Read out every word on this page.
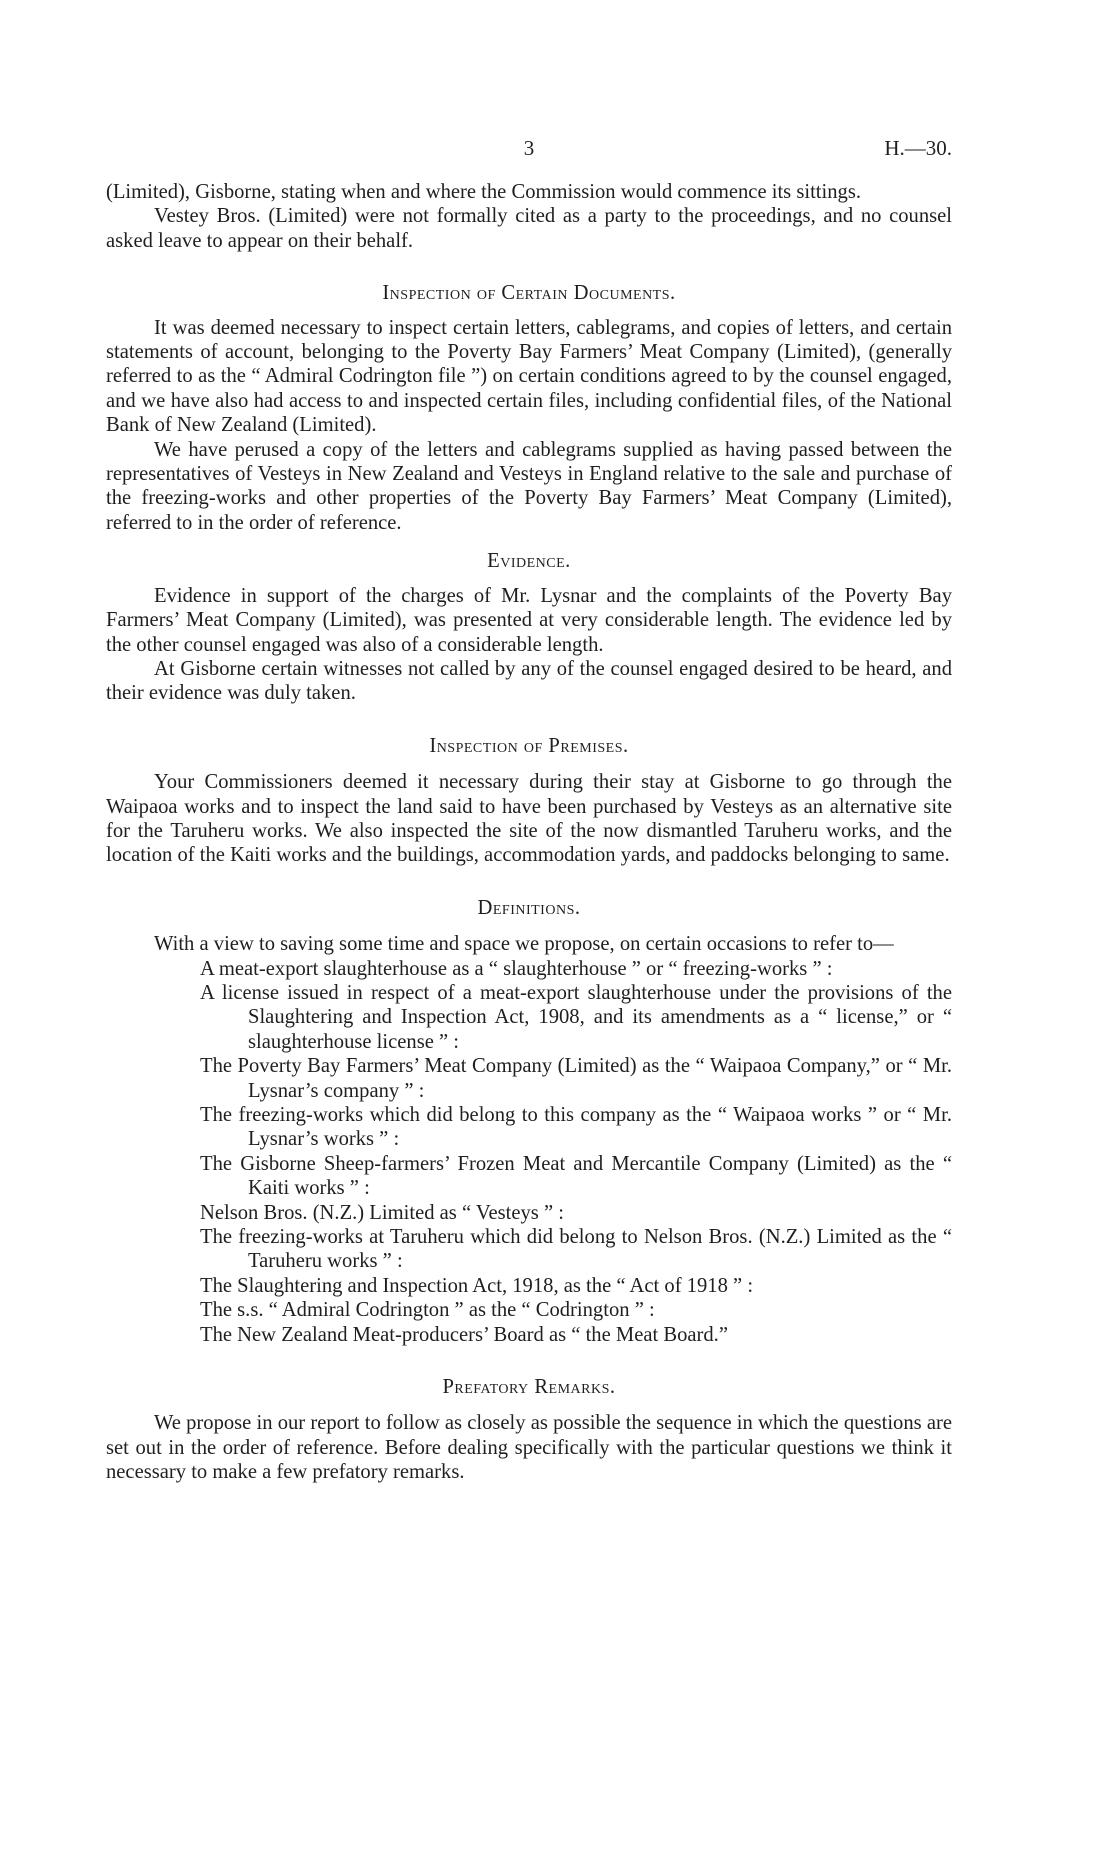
3	H.—30.

(Limited), Gisborne, stating when and where the Commission would commence its sittings.

Vestey Bros. (Limited) were not formally cited as a party to the proceedings, and no counsel asked leave to appear on their behalf.

Inspection of Certain Documents.

It was deemed necessary to inspect certain letters, cablegrams, and copies of letters, and certain statements of account, belonging to the Poverty Bay Farmers’ Meat Company (Limited), (generally referred to as the “ Admiral Codrington file ”) on certain conditions agreed to by the counsel engaged, and we have also had access to and inspected certain files, including confidential files, of the National Bank of New Zealand (Limited).

We have perused a copy of the letters and cablegrams supplied as having passed between the representatives of Vesteys in New Zealand and Vesteys in England relative to the sale and purchase of the freezing-works and other properties of the Poverty Bay Farmers’ Meat Company (Limited), referred to in the order of reference.

Evidence.

Evidence in support of the charges of Mr. Lysnar and the complaints of the Poverty Bay Farmers’ Meat Company (Limited), was presented at very considerable length. The evidence led by the other counsel engaged was also of a considerable length.

At Gisborne certain witnesses not called by any of the counsel engaged desired to be heard, and their evidence was duly taken.

Inspection of Premises.

Your Commissioners deemed it necessary during their stay at Gisborne to go through the Waipaoa works and to inspect the land said to have been purchased by Vesteys as an alternative site for the Taruheru works. We also inspected the site of the now dismantled Taruheru works, and the location of the Kaiti works and the buildings, accommodation yards, and paddocks belonging to same.

Definitions.

With a view to saving some time and space we propose, on certain occasions to refer to—

A meat-export slaughterhouse as a “ slaughterhouse ” or “ freezing-works ” :
A license issued in respect of a meat-export slaughterhouse under the provisions of the Slaughtering and Inspection Act, 1908, and its amendments as a “ license,” or “ slaughterhouse license ” :
The Poverty Bay Farmers’ Meat Company (Limited) as the “ Waipaoa Company,” or “ Mr. Lysnar’s company ” :
The freezing-works which did belong to this company as the “ Waipaoa works ” or “ Mr. Lysnar’s works ” :
The Gisborne Sheep-farmers’ Frozen Meat and Mercantile Company (Limited) as the “ Kaiti works ” :
Nelson Bros. (N.Z.) Limited as “ Vesteys ” :
The freezing-works at Taruheru which did belong to Nelson Bros. (N.Z.) Limited as the “ Taruheru works ” :
The Slaughtering and Inspection Act, 1918, as the “ Act of 1918 ” :
The s.s. “ Admiral Codrington ” as the “ Codrington ” :
The New Zealand Meat-producers’ Board as “ the Meat Board.”
Prefatory Remarks.

We propose in our report to follow as closely as possible the sequence in which the questions are set out in the order of reference. Before dealing specifically with the particular questions we think it necessary to make a few prefatory remarks.
